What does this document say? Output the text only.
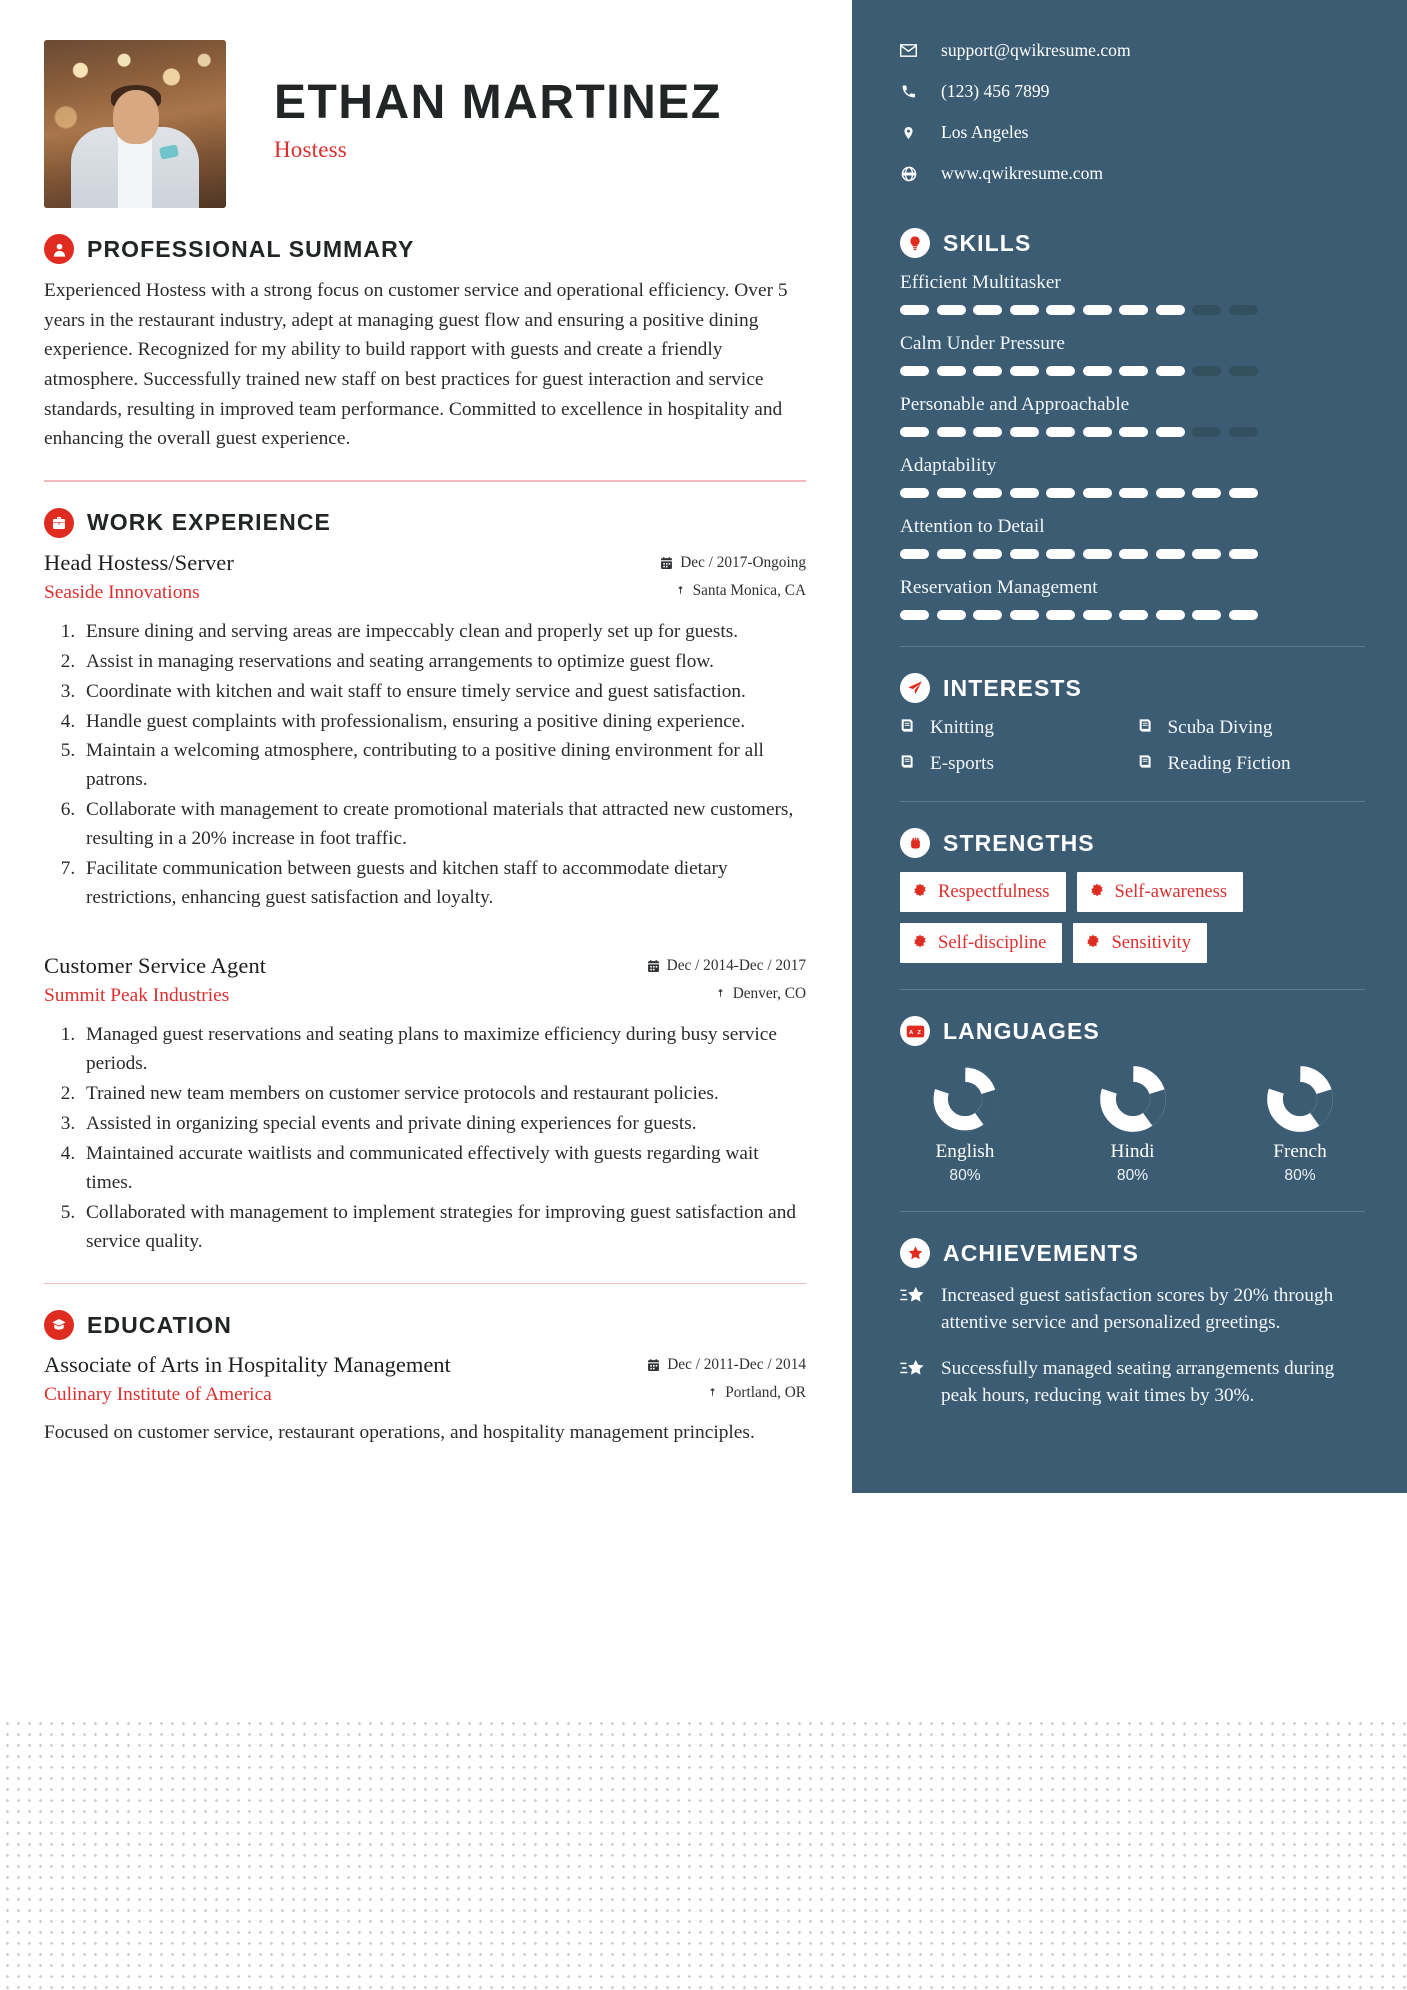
ETHAN MARTINEZ
Hostess
PROFESSIONAL SUMMARY

Experienced Hostess with a strong focus on customer service and operational efficiency. Over 5 years in the restaurant industry, adept at managing guest flow and ensuring a positive dining experience. Recognized for my ability to build rapport with guests and create a friendly atmosphere. Successfully trained new staff on best practices for guest interaction and service standards, resulting in improved team performance. Committed to excellence in hospitality and enhancing the overall guest experience.

WORK EXPERIENCE
Head Hostess/Server	Dec / 2017-Ongoing
Seaside Innovations	Santa Monica, CA
1. Ensure dining and serving areas are impeccably clean and properly set up for guests.
2. Assist in managing reservations and seating arrangements to optimize guest flow.
3. Coordinate with kitchen and wait staff to ensure timely service and guest satisfaction.
4. Handle guest complaints with professionalism, ensuring a positive dining experience.
5. Maintain a welcoming atmosphere, contributing to a positive dining environment for all patrons.
6. Collaborate with management to create promotional materials that attracted new customers, resulting in a 20% increase in foot traffic.
7. Facilitate communication between guests and kitchen staff to accommodate dietary restrictions, enhancing guest satisfaction and loyalty.
Customer Service Agent	Dec / 2014-Dec / 2017
Summit Peak Industries	Denver, CO
1. Managed guest reservations and seating plans to maximize efficiency during busy service periods.
2. Trained new team members on customer service protocols and restaurant policies.
3. Assisted in organizing special events and private dining experiences for guests.
4. Maintained accurate waitlists and communicated effectively with guests regarding wait times.
5. Collaborated with management to implement strategies for improving guest satisfaction and service quality.
EDUCATION
Associate of Arts in Hospitality Management	Dec / 2011-Dec / 2014
Culinary Institute of America	Portland, OR

Focused on customer service, restaurant operations, and hospitality management principles.

support@qwikresume.com
(123) 456 7899
Los Angeles
www.qwikresume.com
SKILLS
Efficient Multitasker
Calm Under Pressure
Personable and Approachable
Adaptability
Attention to Detail
Reservation Management
INTERESTS
Knitting	Scuba Diving
E-sports	Reading Fiction
STRENGTHS
Respectfulness	Self-awareness
Self-discipline	Sensitivity
A Z LANGUAGES
English
80%
Hindi
80%
French
80%
ACHIEVEMENTS
Increased guest satisfaction scores by 20% through attentive service and personalized greetings.
Successfully managed seating arrangements during peak hours, reducing wait times by 30%.
